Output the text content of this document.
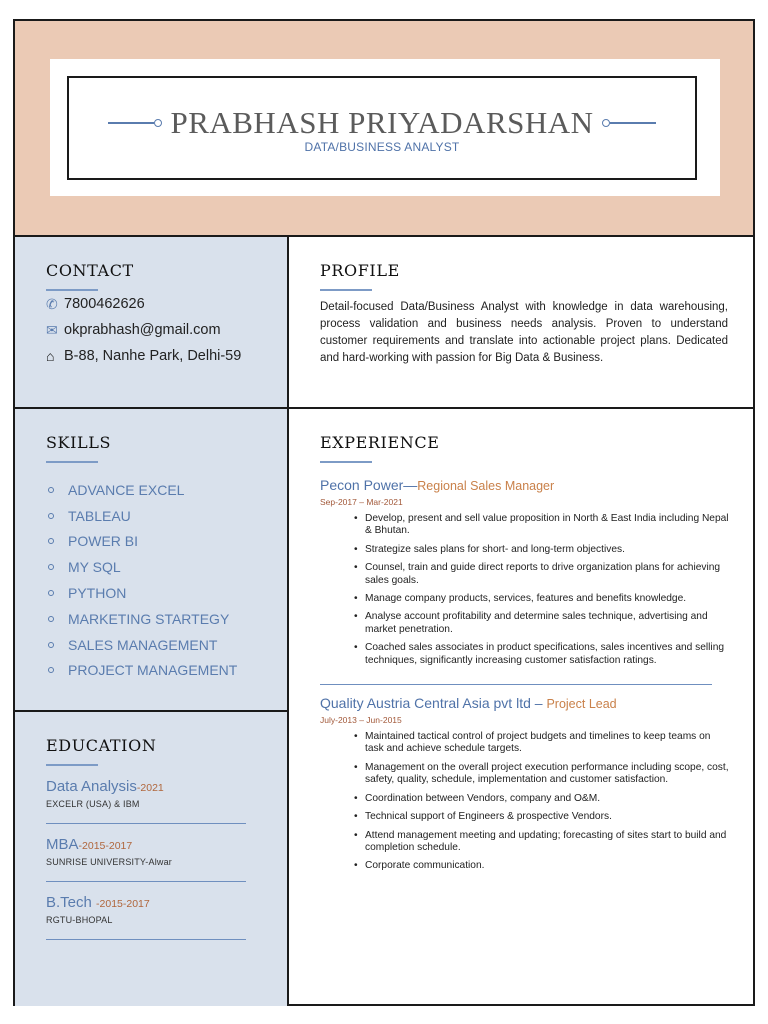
PRABHASH PRIYADARSHAN
DATA/BUSINESS ANALYST
CONTACT
✆ 7800462626
✉ okprabhash@gmail.com
⌂ B-88, Nanhe Park, Delhi-59
SKILLS
ADVANCE EXCEL
TABLEAU
POWER BI
MY SQL
PYTHON
MARKETING STARTEGY
SALES MANAGEMENT
PROJECT MANAGEMENT
EDUCATION
Data Analysis-2021
EXCELR (USA) & IBM
MBA-2015-2017
SUNRISE UNIVERSITY-Alwar
B.Tech -2015-2017
RGTU-BHOPAL
PROFILE

Detail-focused Data/Business Analyst with knowledge in data warehousing, process validation and business needs analysis. Proven to understand customer requirements and translate into actionable project plans. Dedicated and hard-working with passion for Big Data & Business.

EXPERIENCE
Pecon Power—Regional Sales Manager
Sep-2017 – Mar-2021
• Develop, present and sell value proposition in North & East India including Nepal & Bhutan.
• Strategize sales plans for short- and long-term objectives.
• Counsel, train and guide direct reports to drive organization plans for achieving sales goals.
• Manage company products, services, features and benefits knowledge.
• Analyse account profitability and determine sales technique, advertising and market penetration.
• Coached sales associates in product specifications, sales incentives and selling techniques, significantly increasing customer satisfaction ratings.
Quality Austria Central Asia pvt ltd – Project Lead
July-2013 – Jun-2015
• Maintained tactical control of project budgets and timelines to keep teams on task and achieve schedule targets.
• Management on the overall project execution performance including scope, cost, safety, quality, schedule, implementation and customer satisfaction.
• Coordination between Vendors, company and O&M.
• Technical support of Engineers & prospective Vendors.
• Attend management meeting and updating; forecasting of sites start to build and completion schedule.
• Corporate communication.
